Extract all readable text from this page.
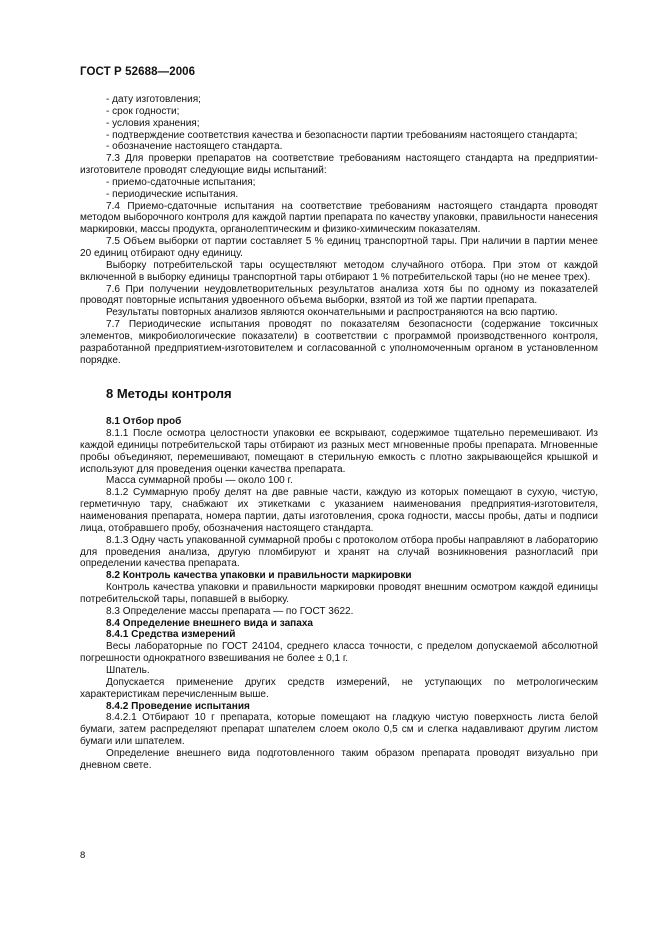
ГОСТ Р 52688—2006

- дату изготовления;

- срок годности;

- условия хранения;

- подтверждение соответствия качества и безопасности партии требованиям настоящего стандарта;

- обозначение настоящего стандарта.

7.3 Для проверки препаратов на соответствие требованиям настоящего стандарта на предприятии-изготовителе проводят следующие виды испытаний:

- приемо-сдаточные испытания;

- периодические испытания.

7.4 Приемо-сдаточные испытания на соответствие требованиям настоящего стандарта проводят методом выборочного контроля для каждой партии препарата по качеству упаковки, правильности нанесения маркировки, массы продукта, органолептическим и физико-химическим показателям.

7.5 Объем выборки от партии составляет 5 % единиц транспортной тары. При наличии в партии менее 20 единиц отбирают одну единицу.

Выборку потребительской тары осуществляют методом случайного отбора. При этом от каждой включенной в выборку единицы транспортной тары отбирают 1 % потребительской тары (но не менее трех).

7.6 При получении неудовлетворительных результатов анализа хотя бы по одному из показателей проводят повторные испытания удвоенного объема выборки, взятой из той же партии препарата.

Результаты повторных анализов являются окончательными и распространяются на всю партию.

7.7 Периодические испытания проводят по показателям безопасности (содержание токсичных элементов, микробиологические показатели) в соответствии с программой производственного контроля, разработанной предприятием-изготовителем и согласованной с уполномоченным органом в установленном порядке.

8 Методы контроля

8.1 Отбор проб

8.1.1 После осмотра целостности упаковки ее вскрывают, содержимое тщательно перемешивают. Из каждой единицы потребительской тары отбирают из разных мест мгновенные пробы препарата. Мгновенные пробы объединяют, перемешивают, помещают в стерильную емкость с плотно закрывающейся крышкой и используют для проведения оценки качества препарата.

Масса суммарной пробы — около 100 г.

8.1.2 Суммарную пробу делят на две равные части, каждую из которых помещают в сухую, чистую, герметичную тару, снабжают их этикетками с указанием наименования предприятия-изготовителя, наименования препарата, номера партии, даты изготовления, срока годности, массы пробы, даты и подписи лица, отобравшего пробу, обозначения настоящего стандарта.

8.1.3 Одну часть упакованной суммарной пробы с протоколом отбора пробы направляют в лабораторию для проведения анализа, другую пломбируют и хранят на случай возникновения разногласий при определении качества препарата.

8.2 Контроль качества упаковки и правильности маркировки

Контроль качества упаковки и правильности маркировки проводят внешним осмотром каждой единицы потребительской тары, попавшей в выборку.

8.3 Определение массы препарата — по ГОСТ 3622.

8.4 Определение внешнего вида и запаха

8.4.1 Средства измерений

Весы лабораторные по ГОСТ 24104, среднего класса точности, с пределом допускаемой абсолютной погрешности однократного взвешивания не более ± 0,1 г.

Шпатель.

Допускается применение других средств измерений, не уступающих по метрологическим характеристикам перечисленным выше.

8.4.2 Проведение испытания

8.4.2.1 Отбирают 10 г препарата, которые помещают на гладкую чистую поверхность листа белой бумаги, затем распределяют препарат шпателем слоем около 0,5 см и слегка надавливают другим листом бумаги или шпателем.

Определение внешнего вида подготовленного таким образом препарата проводят визуально при дневном свете.

8
